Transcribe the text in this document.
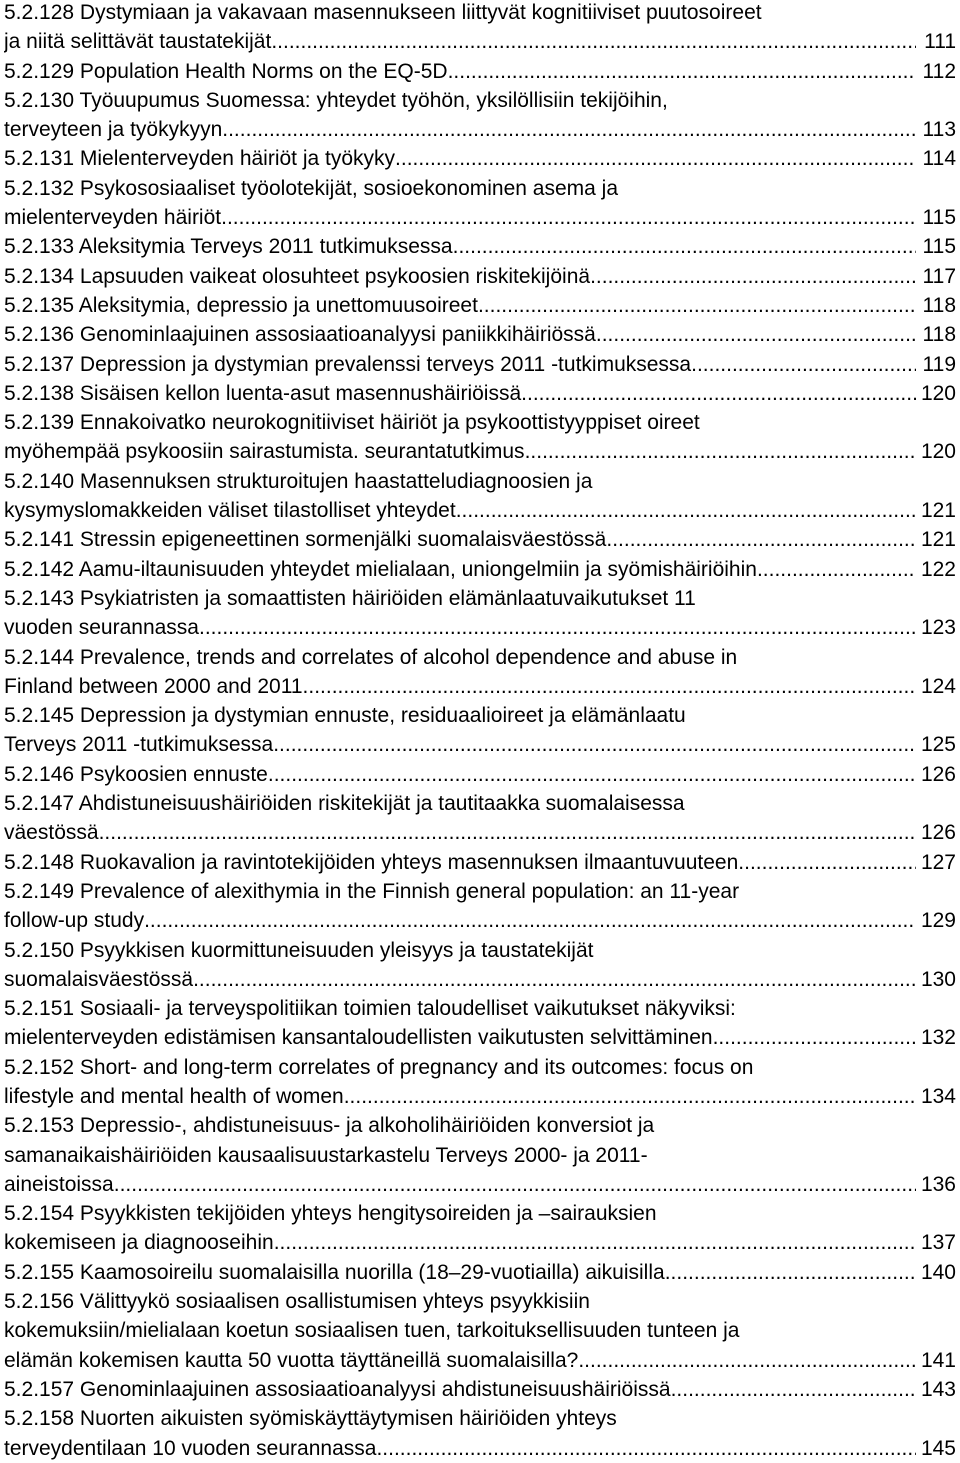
5.2.128 Dystymiaan ja vakavaan masennukseen liittyvät kognitiiviset puutosoireet
ja niitä selittävät taustatekijät .....	111
5.2.129 Population Health Norms on the EQ-5D .....	112
5.2.130 Työuupumus Suomessa: yhteydet työhön, yksilöllisiin tekijöihin,
terveyteen ja työkykyyn .....	113
5.2.131 Mielenterveyden häiriöt ja työkyky .....	114
5.2.132 Psykososiaaliset työolotekijät, sosioekonominen asema ja
mielenterveyden häiriöt .....	115
5.2.133 Aleksitymia Terveys 2011 tutkimuksessa .....	115
5.2.134 Lapsuuden vaikeat olosuhteet psykoosien riskitekijöinä .....	117
5.2.135 Aleksitymia, depressio ja unettomuusoireet .....	118
5.2.136 Genominlaajuinen assosiaatioanalyysi paniikkihäiriössä .....	118
5.2.137 Depression ja dystymian prevalenssi terveys 2011 -tutkimuksessa .....	119
5.2.138 Sisäisen kellon luenta-asut masennushäiriöissä .....	120
5.2.139 Ennakoivatko neurokognitiiviset häiriöt ja psykoottistyyppiset oireet
myöhempää psykoosiin sairastumista. seurantatutkimus .....	120
5.2.140 Masennuksen strukturoitujen haastatteludiagnoosien ja
kysymyslomakkeiden väliset tilastolliset yhteydet .....	121
5.2.141 Stressin epigeneettinen sormenjälki suomalaisväestössä .....	121
5.2.142 Aamu-iltaunisuuden yhteydet mielialaan, uniongelmiin ja syömishäiriöihin .....	122
5.2.143 Psykiatristen ja somaattisten häiriöiden elämänlaatuvaikutukset 11
vuoden seurannassa .....	123
5.2.144 Prevalence, trends and correlates of alcohol dependence and abuse in
Finland between 2000 and 2011 .....	124
5.2.145 Depression ja dystymian ennuste, residuaalioireet ja elämänlaatu
Terveys 2011 -tutkimuksessa .....	125
5.2.146 Psykoosien ennuste .....	126
5.2.147 Ahdistuneisuushäiriöiden riskitekijät ja tautitaakka suomalaisessa
väestössä .....	126
5.2.148 Ruokavalion ja ravintotekijöiden yhteys masennuksen ilmaantuvuuteen .....	127
5.2.149 Prevalence of alexithymia in the Finnish general population: an 11-year
follow-up study .....	129
5.2.150 Psyykkisen kuormittuneisuuden yleisyys ja taustatekijät
suomalaisväestössä .....	130
5.2.151 Sosiaali- ja terveyspolitiikan toimien taloudelliset vaikutukset näkyviksi:
mielenterveyden edistämisen kansantaloudellisten vaikutusten selvittäminen .....	132
5.2.152 Short- and long-term correlates of pregnancy and its outcomes: focus on
lifestyle and mental health of women. .....	134
5.2.153 Depressio-, ahdistuneisuus- ja alkoholihäiriöiden konversiot ja
samanaikaishäiriöiden kausaalisuustarkastelu Terveys 2000- ja 2011-
aineistoissa. .....	136
5.2.154 Psyykkisten tekijöiden yhteys hengitysoireiden ja –sairauksien
kokemiseen ja diagnooseihin .....	137
5.2.155 Kaamosoireilu suomalaisilla nuorilla (18–29-vuotiailla) aikuisilla .....	140
5.2.156 Välittyykö sosiaalisen osallistumisen yhteys psyykkisiin
kokemuksiin/mielialaan koetun sosiaalisen tuen, tarkoituksellisuuden tunteen ja
elämän kokemisen kautta 50 vuotta täyttäneillä suomalaisilla? .....	141
5.2.157 Genominlaajuinen assosiaatioanalyysi ahdistuneisuushäiriöissä .....	143
5.2.158 Nuorten aikuisten syömiskäyttäytymisen häiriöiden yhteys
terveydentilaan 10 vuoden seurannassa .....	145
